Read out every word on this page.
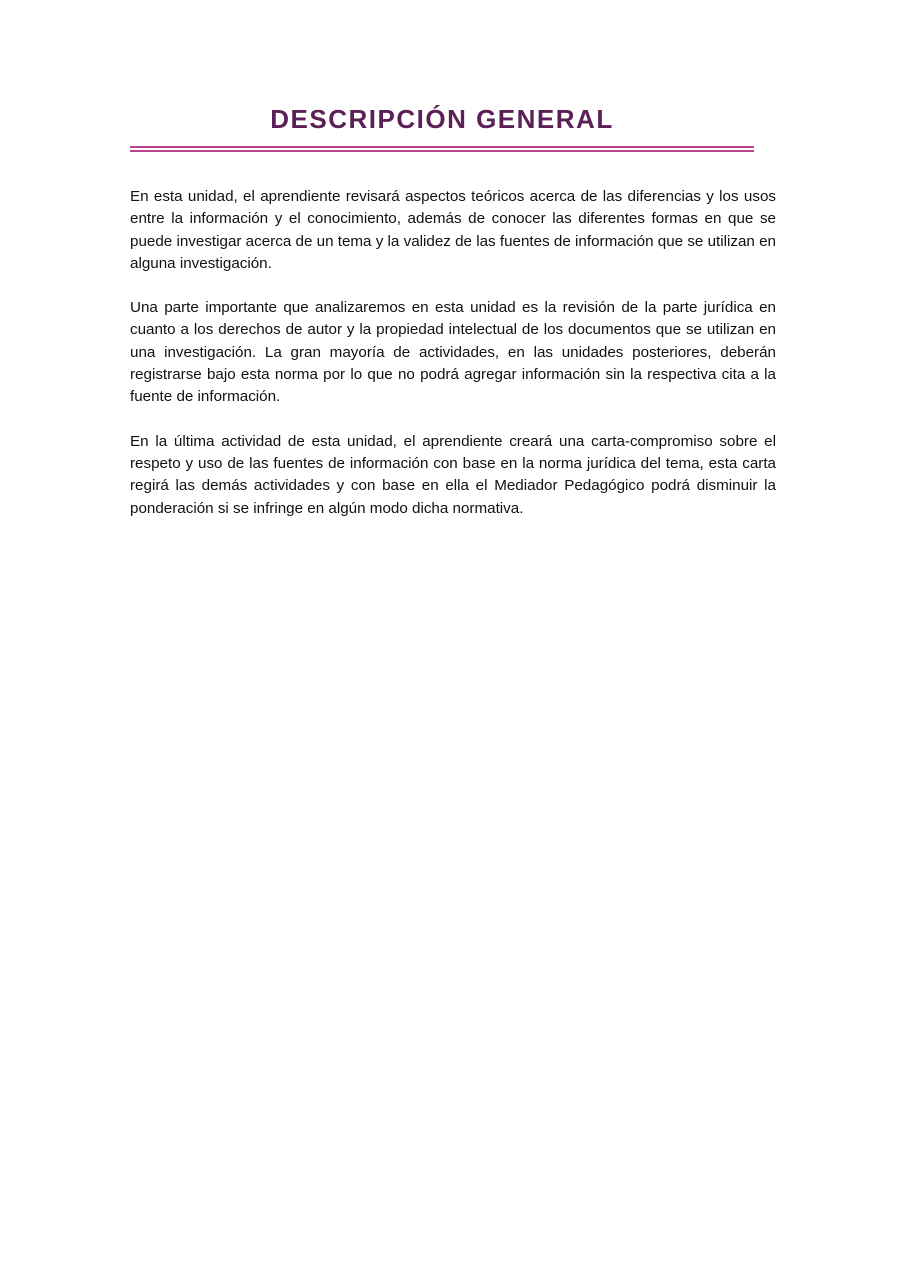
DESCRIPCIÓN GENERAL

En esta unidad, el aprendiente revisará aspectos teóricos acerca de las diferencias y los usos entre la información y el conocimiento, además de conocer las diferentes formas en que se puede investigar acerca de un tema y la validez de las fuentes de información que se utilizan en alguna investigación.

Una parte importante que analizaremos en esta unidad es la revisión de la parte jurídica en cuanto a los derechos de autor y la propiedad intelectual de los documentos que se utilizan en una investigación. La gran mayoría de actividades, en las unidades posteriores, deberán registrarse bajo esta norma por lo que no podrá agregar información sin la respectiva cita a la fuente de información.

En la última actividad de esta unidad, el aprendiente creará una carta-compromiso sobre el respeto y uso de las fuentes de información con base en la norma jurídica del tema, esta carta regirá las demás actividades y con base en ella el Mediador Pedagógico podrá disminuir la ponderación si se infringe en algún modo dicha normativa.
